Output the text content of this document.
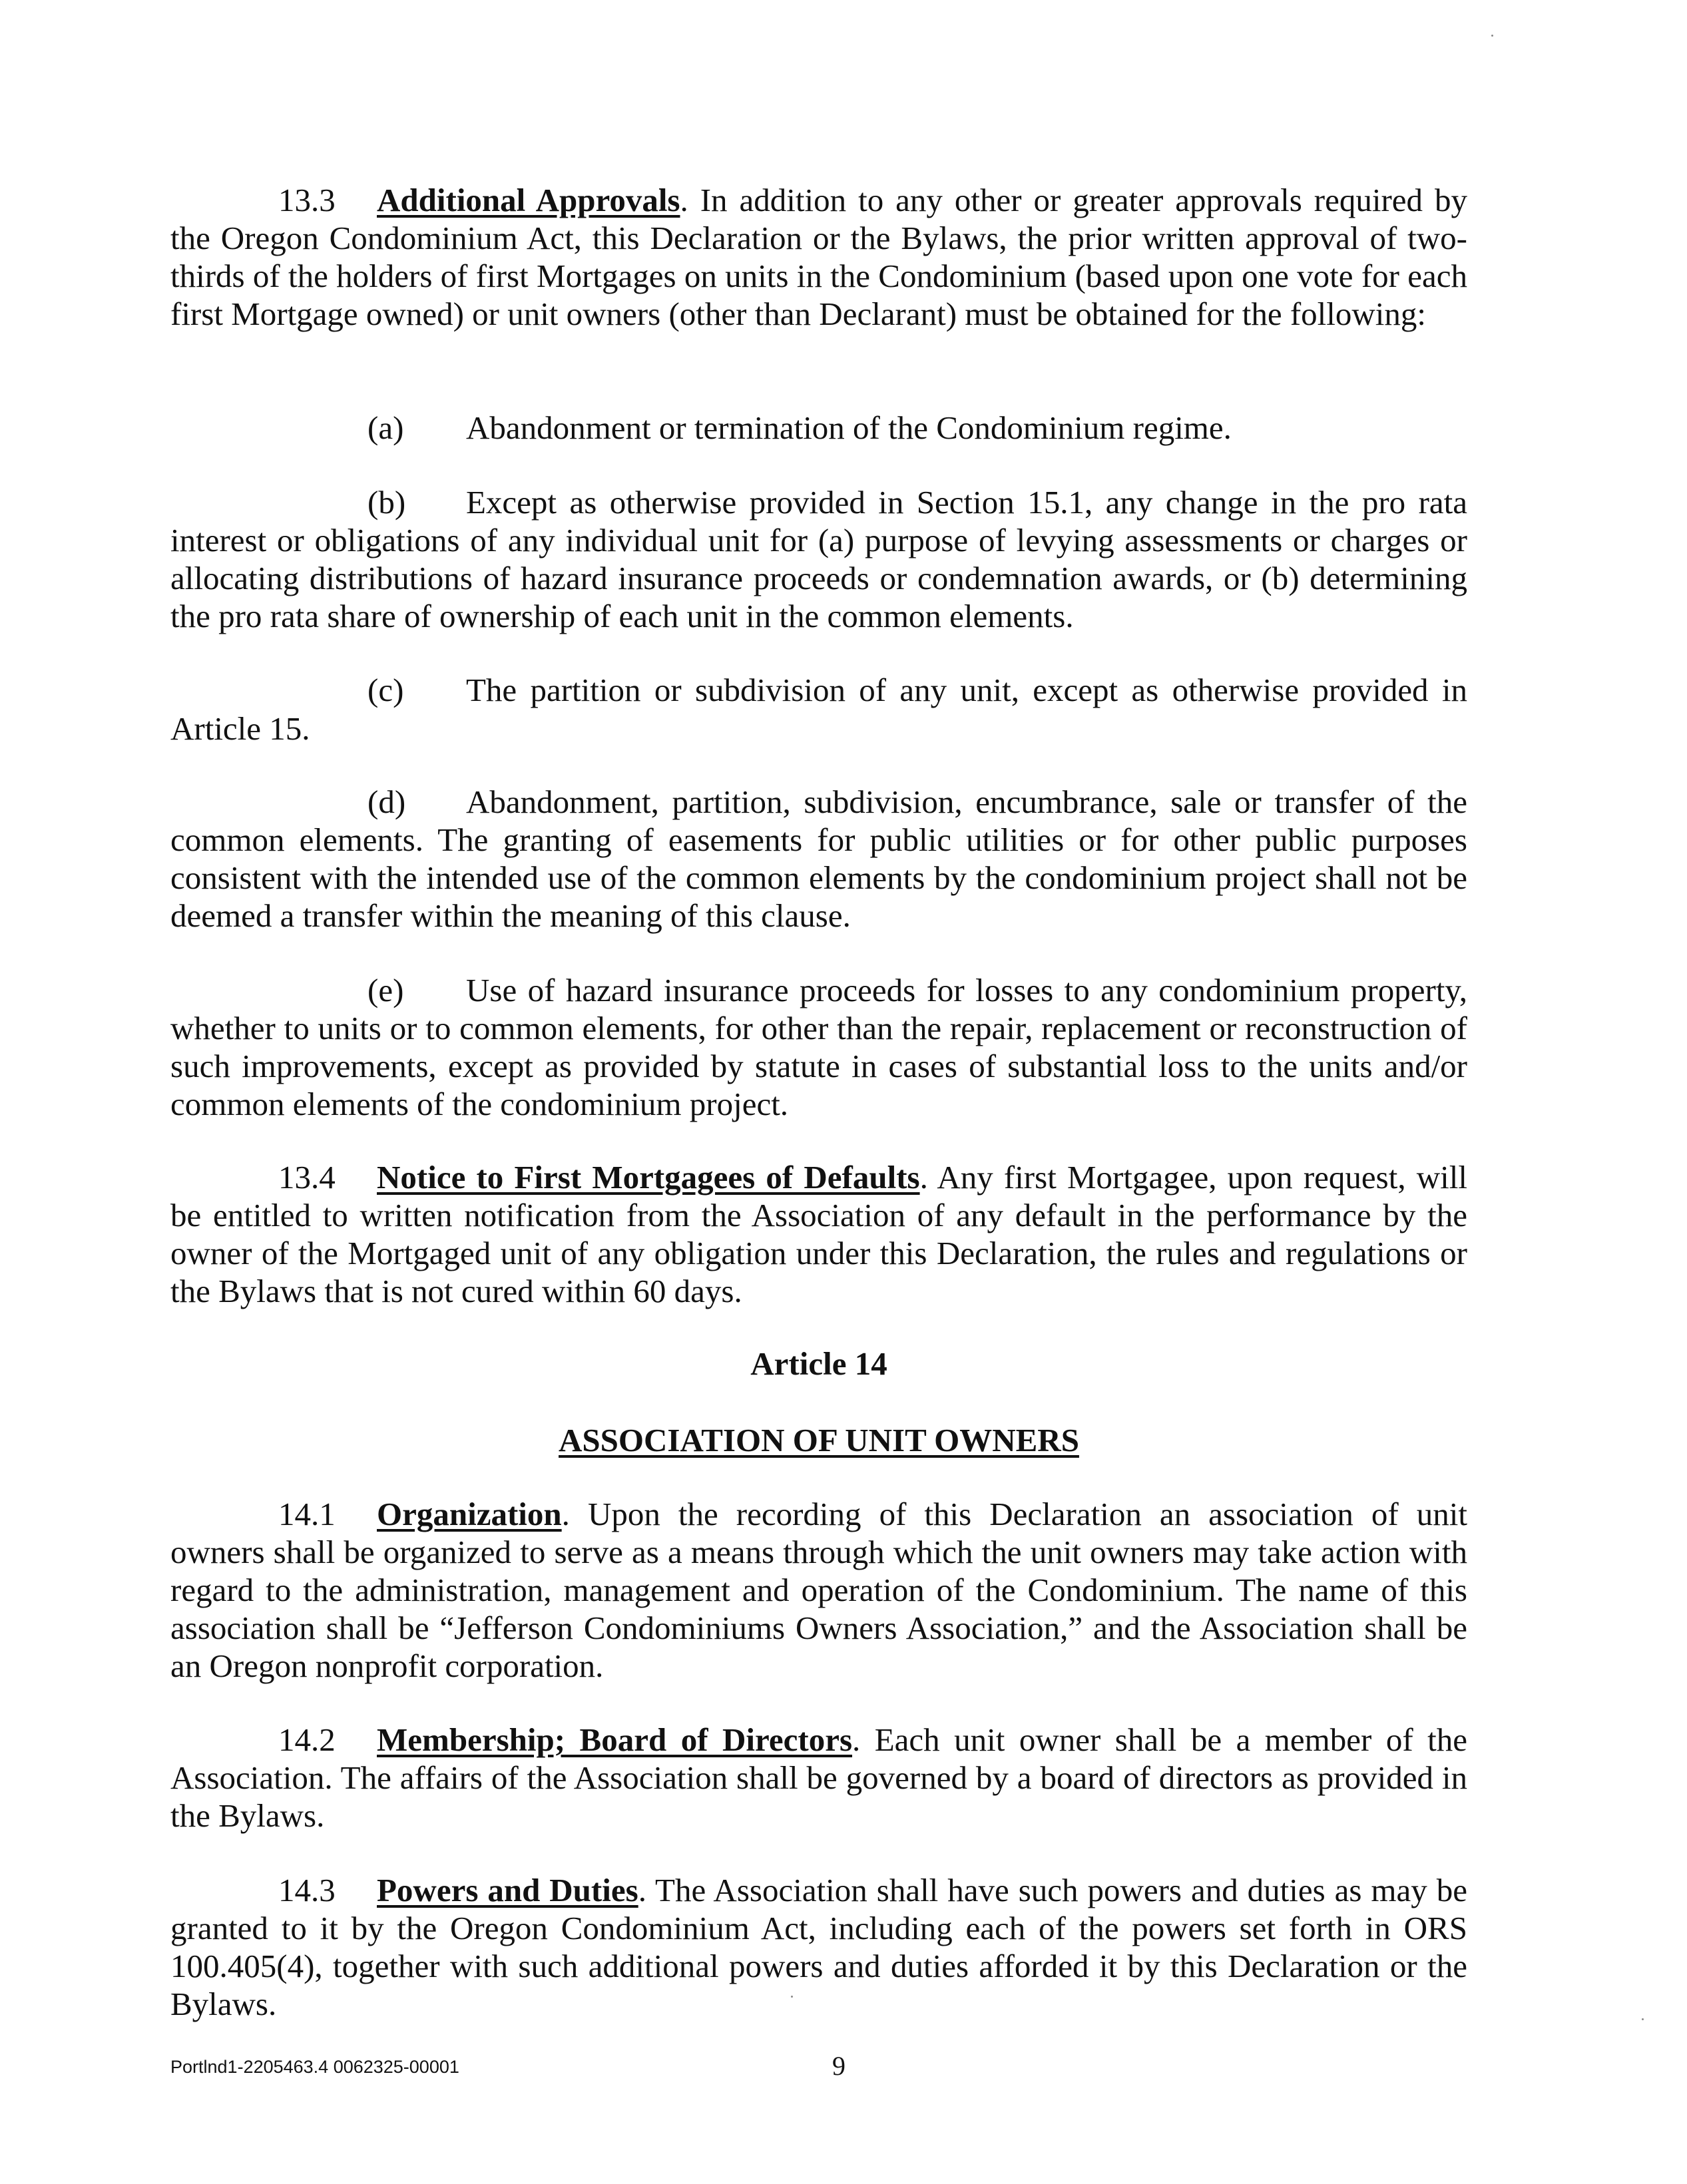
13.3 Additional Approvals. In addition to any other or greater approvals required by the Oregon Condominium Act, this Declaration or the Bylaws, the prior written approval of two-thirds of the holders of first Mortgages on units in the Condominium (based upon one vote for each first Mortgage owned) or unit owners (other than Declarant) must be obtained for the following:
(a) Abandonment or termination of the Condominium regime.
(b) Except as otherwise provided in Section 15.1, any change in the pro rata interest or obligations of any individual unit for (a) purpose of levying assessments or charges or allocating distributions of hazard insurance proceeds or condemnation awards, or (b) determining the pro rata share of ownership of each unit in the common elements.
(c) The partition or subdivision of any unit, except as otherwise provided in
Article 15.
(d) Abandonment, partition, subdivision, encumbrance, sale or transfer of the common elements. The granting of easements for public utilities or for other public purposes consistent with the intended use of the common elements by the condominium project shall not be deemed a transfer within the meaning of this clause.
(e) Use of hazard insurance proceeds for losses to any condominium property, whether to units or to common elements, for other than the repair, replacement or reconstruction of such improvements, except as provided by statute in cases of substantial loss to the units and/or common elements of the condominium project.
13.4 Notice to First Mortgagees of Defaults. Any first Mortgagee, upon request, will be entitled to written notification from the Association of any default in the performance by the owner of the Mortgaged unit of any obligation under this Declaration, the rules and regulations or the Bylaws that is not cured within 60 days.
Article 14
ASSOCIATION OF UNIT OWNERS
14.1 Organization. Upon the recording of this Declaration an association of unit owners shall be organized to serve as a means through which the unit owners may take action with regard to the administration, management and operation of the Condominium. The name of this association shall be “Jefferson Condominiums Owners Association,” and the Association shall be an Oregon nonprofit corporation.
14.2 Membership; Board of Directors. Each unit owner shall be a member of the Association. The affairs of the Association shall be governed by a board of directors as provided in the Bylaws.
14.3 Powers and Duties. The Association shall have such powers and duties as may be granted to it by the Oregon Condominium Act, including each of the powers set forth in ORS 100.405(4), together with such additional powers and duties afforded it by this Declaration or the Bylaws.
Portlnd1-2205463.4 0062325-00001	9
